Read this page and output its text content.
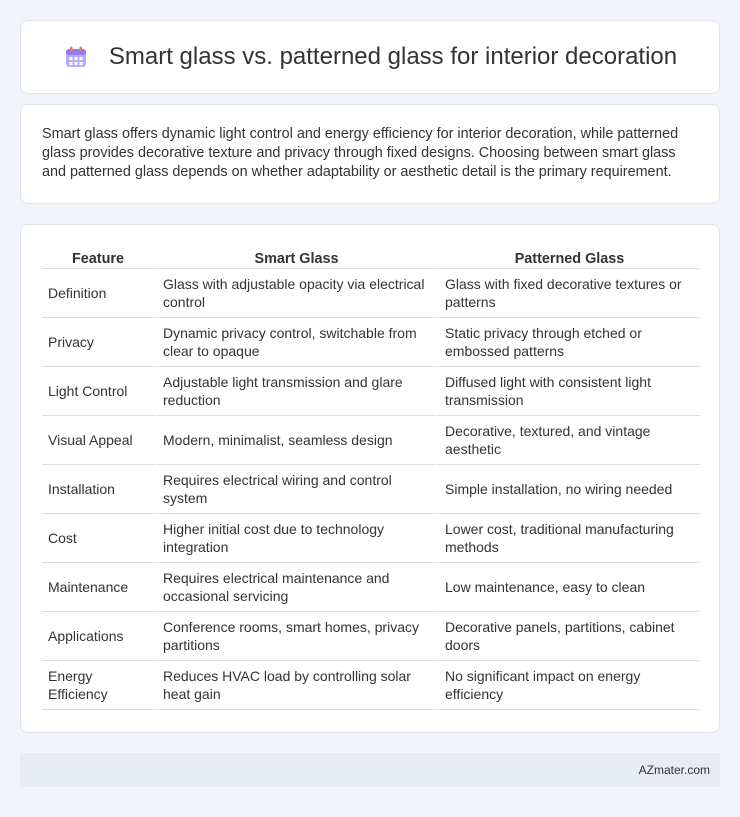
Smart glass vs. patterned glass for interior decoration

Smart glass offers dynamic light control and energy efficiency for interior decoration, while patterned glass provides decorative texture and privacy through fixed designs. Choosing between smart glass and patterned glass depends on whether adaptability or aesthetic detail is the primary requirement.

Feature	Smart Glass	Patterned Glass
Definition	Glass with adjustable opacity via electrical control	Glass with fixed decorative textures or patterns
Privacy	Dynamic privacy control, switchable from clear to opaque	Static privacy through etched or embossed patterns
Light Control	Adjustable light transmission and glare reduction	Diffused light with consistent light transmission
Visual Appeal	Modern, minimalist, seamless design	Decorative, textured, and vintage aesthetic
Installation	Requires electrical wiring and control system	Simple installation, no wiring needed
Cost	Higher initial cost due to technology integration	Lower cost, traditional manufacturing methods
Maintenance	Requires electrical maintenance and occasional servicing	Low maintenance, easy to clean
Applications	Conference rooms, smart homes, privacy partitions	Decorative panels, partitions, cabinet doors
Energy Efficiency	Reduces HVAC load by controlling solar heat gain	No significant impact on energy efficiency
AZmater.com
